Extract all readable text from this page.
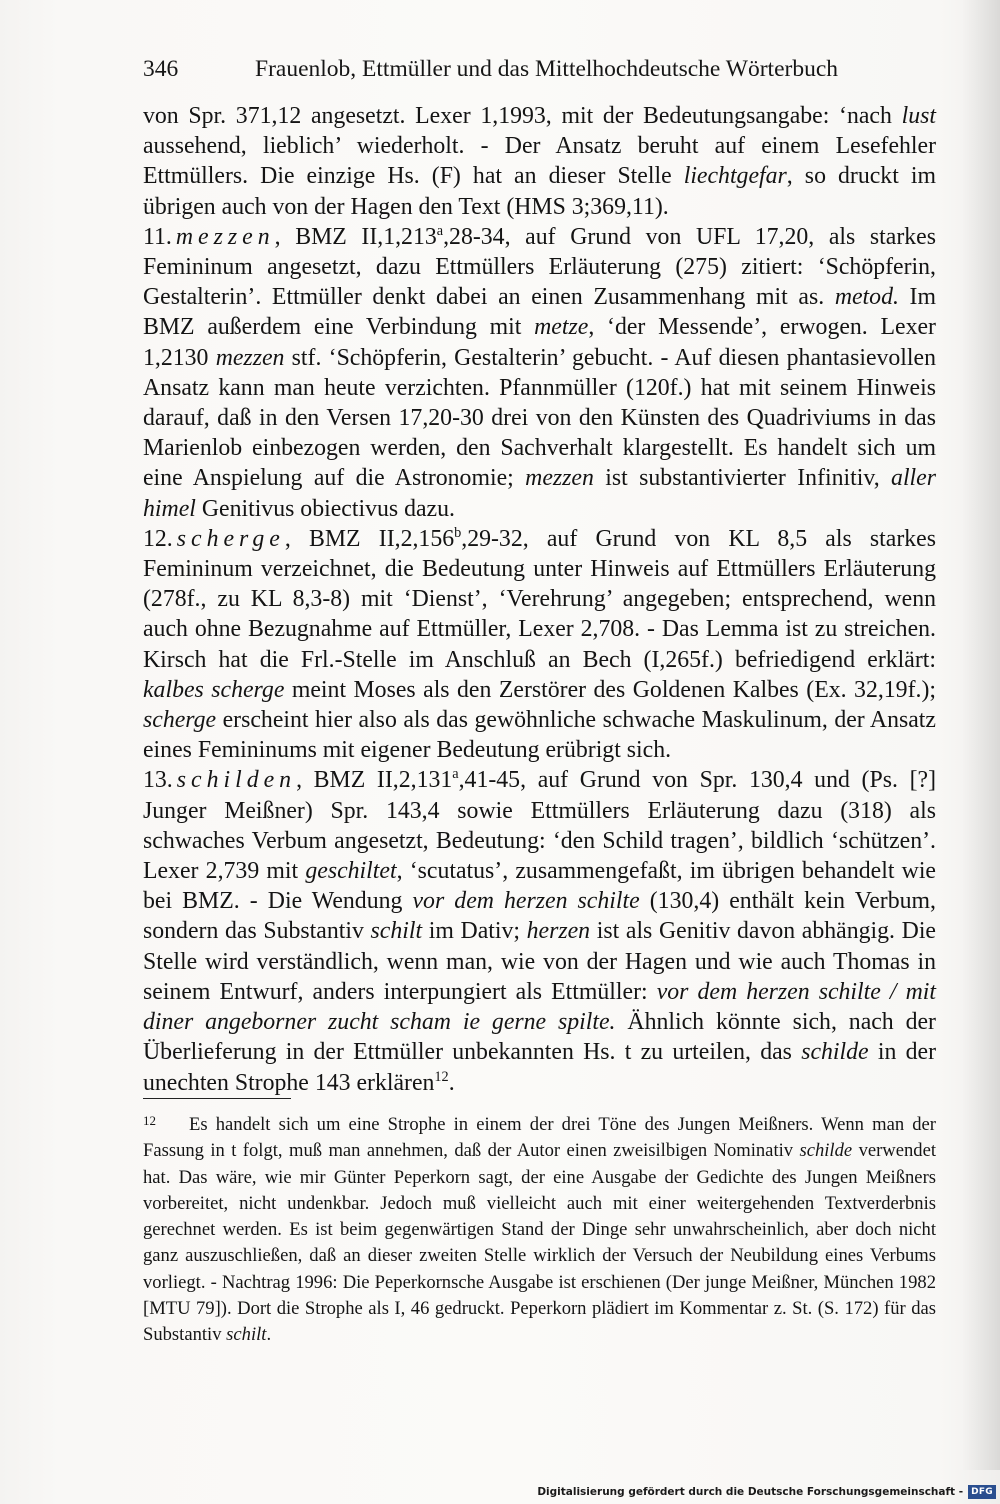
346	Frauenlob, Ettmüller und das Mittelhochdeutsche Wörterbuch

von Spr. 371,12 angesetzt. Lexer 1,1993, mit der Bedeutungsangabe: ‘nach lust aussehend, lieblich’ wiederholt. - Der Ansatz beruht auf einem Lesefehler Ettmüllers. Die einzige Hs. (F) hat an dieser Stelle liechtgefar, so druckt im übrigen auch von der Hagen den Text (HMS 3;369,11).

11. mezzen, BMZ II,1,213$^a$,28-34, auf Grund von UFL 17,20, als starkes Femininum angesetzt, dazu Ettmüllers Erläuterung (275) zitiert: ‘Schöpferin, Gestalterin’. Ettmüller denkt dabei an einen Zusammenhang mit as. metod. Im BMZ außerdem eine Verbindung mit metze, ‘der Messende’, erwogen. Lexer 1,2130 mezzen stf. ‘Schöpferin, Gestalterin’ gebucht. - Auf diesen phantasievollen Ansatz kann man heute verzichten. Pfannmüller (120f.) hat mit seinem Hinweis darauf, daß in den Versen 17,20-30 drei von den Künsten des Quadriviums in das Marienlob einbezogen werden, den Sachverhalt klargestellt. Es handelt sich um eine Anspielung auf die Astronomie; mezzen ist substantivierter Infinitiv, aller himel Genitivus obiectivus dazu.

12. scherge, BMZ II,2,156$^b$,29-32, auf Grund von KL 8,5 als starkes Femininum verzeichnet, die Bedeutung unter Hinweis auf Ettmüllers Erläuterung (278f., zu KL 8,3-8) mit ‘Dienst’, ‘Verehrung’ angegeben; entsprechend, wenn auch ohne Bezugnahme auf Ettmüller, Lexer 2,708. - Das Lemma ist zu streichen. Kirsch hat die Frl.-Stelle im Anschluß an Bech (I,265f.) befriedigend erklärt: kalbes scherge meint Moses als den Zerstörer des Goldenen Kalbes (Ex. 32,19f.); scherge erscheint hier also als das gewöhnliche schwache Maskulinum, der Ansatz eines Femininums mit eigener Bedeutung erübrigt sich.

13. schilden, BMZ II,2,131$^a$,41-45, auf Grund von Spr. 130,4 und (Ps. [?] Junger Meißner) Spr. 143,4 sowie Ettmüllers Erläuterung dazu (318) als schwaches Verbum angesetzt, Bedeutung: ‘den Schild tragen’, bildlich ‘schützen’. Lexer 2,739 mit geschiltet, ‘scutatus’, zusammengefaßt, im übrigen behandelt wie bei BMZ. - Die Wendung vor dem herzen schilte (130,4) enthält kein Verbum, sondern das Substantiv schilt im Dativ; herzen ist als Genitiv davon abhängig. Die Stelle wird verständlich, wenn man, wie von der Hagen und wie auch Thomas in seinem Entwurf, anders interpungiert als Ettmüller: vor dem herzen schilte / mit diner angeborner zucht scham ie gerne spilte. Ähnlich könnte sich, nach der Überlieferung in der Ettmüller unbekannten Hs. t zu urteilen, das schilde in der unechten Strophe 143 erklären$^{12}$.

12 Es handelt sich um eine Strophe in einem der drei Töne des Jungen Meißners. Wenn man der Fassung in t folgt, muß man annehmen, daß der Autor einen zweisilbigen Nominativ schilde verwendet hat. Das wäre, wie mir Günter Peperkorn sagt, der eine Ausgabe der Gedichte des Jungen Meißners vorbereitet, nicht undenkbar. Jedoch muß vielleicht auch mit einer weitergehenden Textverderbnis gerechnet werden. Es ist beim gegenwärtigen Stand der Dinge sehr unwahrscheinlich, aber doch nicht ganz auszuschließen, daß an dieser zweiten Stelle wirklich der Versuch der Neubildung eines Verbums vorliegt. - Nachtrag 1996: Die Peperkornsche Ausgabe ist erschienen (Der junge Meißner, München 1982 [MTU 79]). Dort die Strophe als I, 46 gedruckt. Peperkorn plädiert im Kommentar z. St. (S. 172) für das Substantiv schilt.
Digitalisierung gefördert durch die Deutsche Forschungsgemeinschaft - DFG
